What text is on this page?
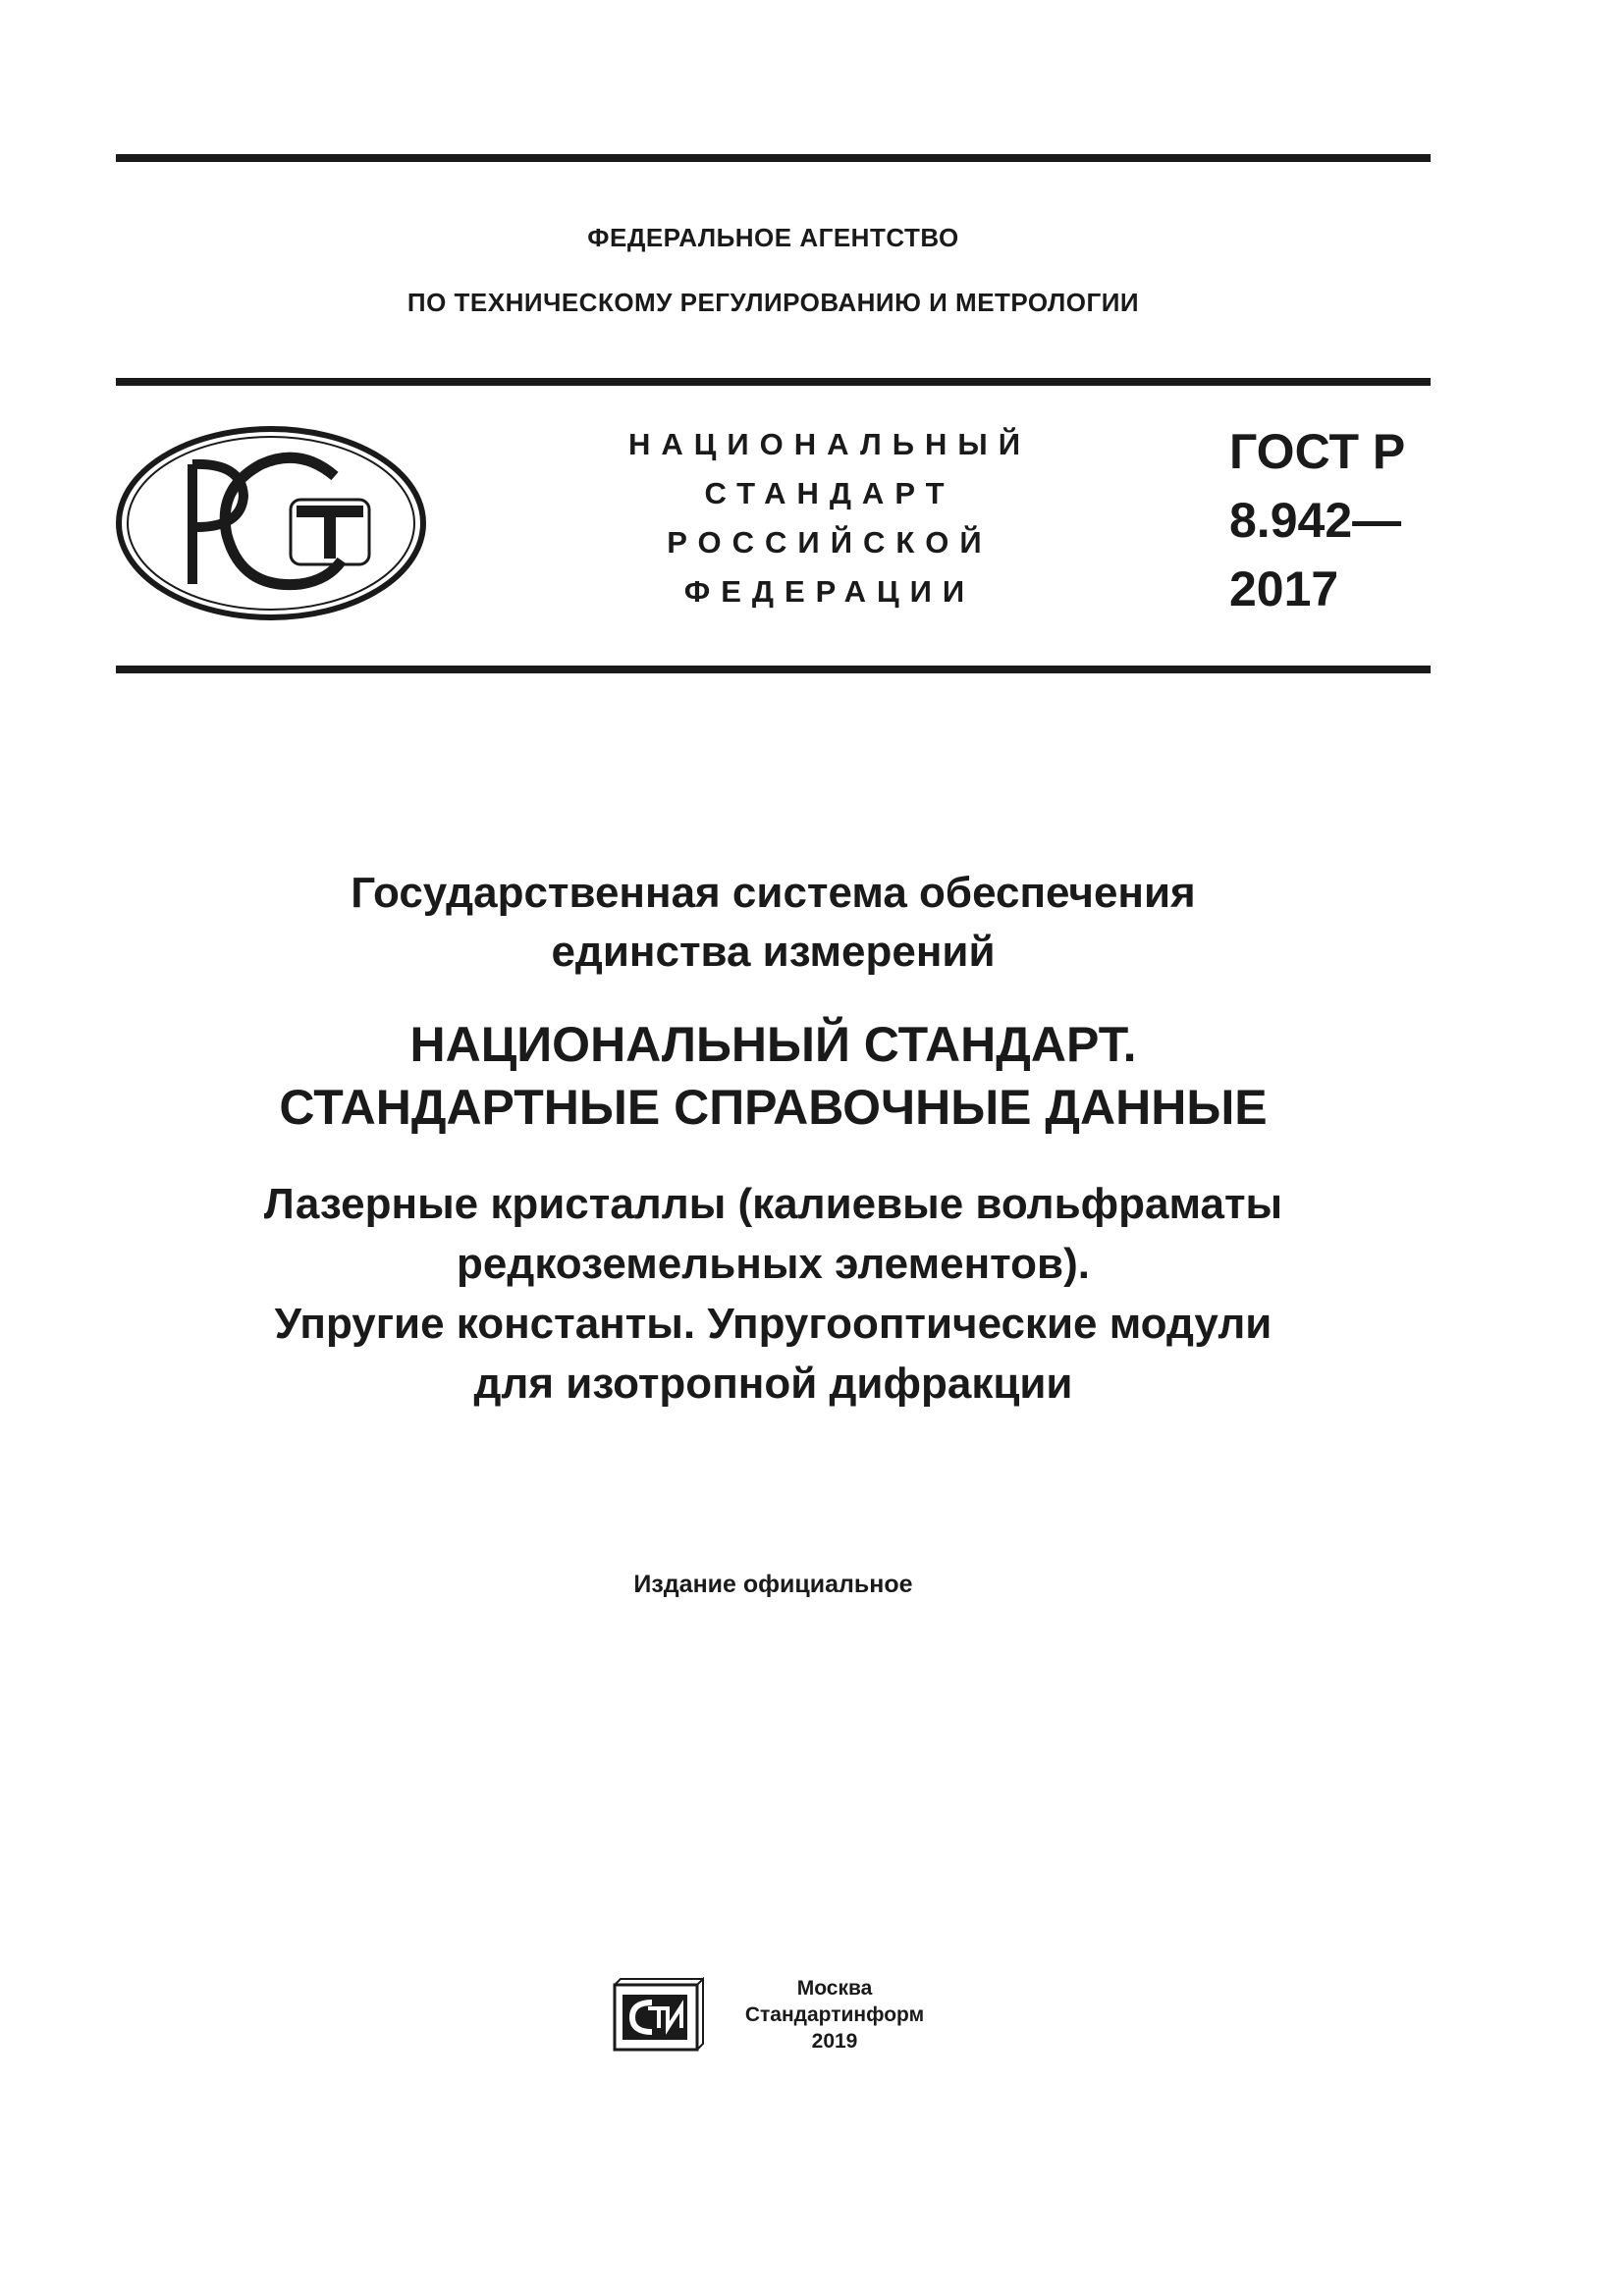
ФЕДЕРАЛЬНОЕ АГЕНТСТВО
ПО ТЕХНИЧЕСКОМУ РЕГУЛИРОВАНИЮ И МЕТРОЛОГИИ
НАЦИОНАЛЬНЫЙ
СТАНДАРТ
РОССИЙСКОЙ
ФЕДЕРАЦИИ
ГОСТ Р
8.942—
2017
Государственная система обеспечения
единства измерений
НАЦИОНАЛЬНЫЙ СТАНДАРТ.
СТАНДАРТНЫЕ СПРАВОЧНЫЕ ДАННЫЕ
Лазерные кристаллы (калиевые вольфраматы
редкоземельных элементов).
Упругие константы. Упругооптические модули
для изотропной дифракции
Издание официальное
Москва
Стандартинформ
2019
